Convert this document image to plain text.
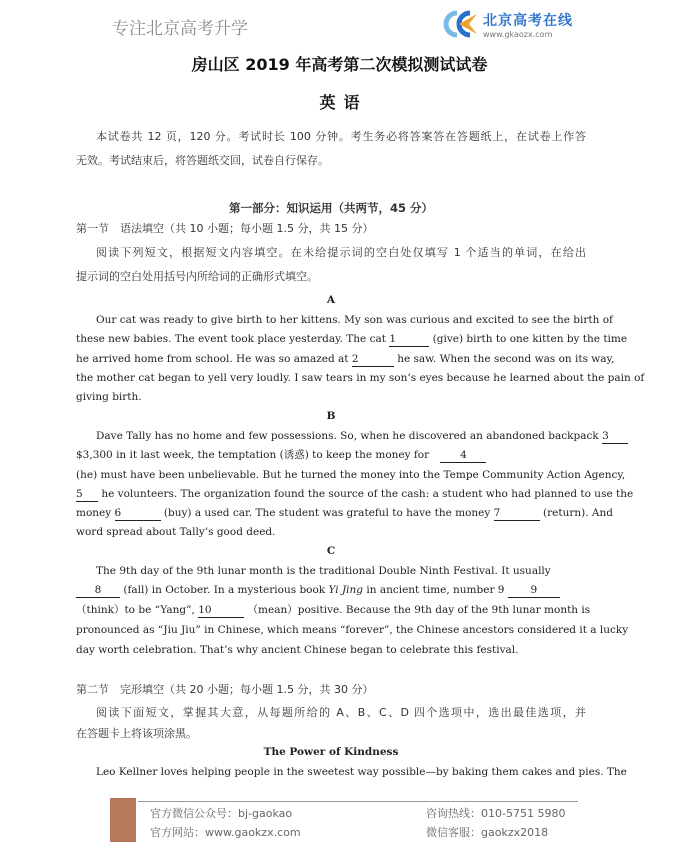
专注北京高考升学	北京高考在线
www.gkaozx.com
房山区 2019 年高考第二次模拟测试试卷
英语
本试卷共 12 页，120 分。考试时长 100 分钟。考生务必将答案答在答题纸上，在试卷上作答
无效。考试结束后，将答题纸交回，试卷自行保存。
第一部分：知识运用（共两节，45 分）
第一节　语法填空（共 10 小题；每小题 1.5 分，共 15 分）
阅读下列短文，根据短文内容填空。在未给提示词的空白处仅填写 1 个适当的单词，在给出
提示词的空白处用括号内所给词的正确形式填空。
A
Our cat was ready to give birth to her kittens. My son was curious and excited to see the birth of
these new babies. The event took place yesterday. The cat 1	(give) birth to one kitten by the time
he arrived home from school. He was so amazed at 2	he saw. When the second was on its way,
the mother cat began to yell very loudly. I saw tears in my son’s eyes because he learned about the pain of
giving birth.
B
Dave Tally has no home and few possessions. So, when he discovered an abandoned backpack 3
$3,300 in it last week, the temptation (诱惑) to keep the money for	4
(he) must have been unbelievable. But he turned the money into the Tempe Community Action Agency,
5 he volunteers. The organization found the source of the cash: a student who had planned to use the
money 6	(buy) a used car. The student was grateful to have the money 7	(return). And
word spread about Tally’s good deed.
C
The 9th day of the 9th lunar month is the traditional Double Ninth Festival. It usually
8 (fall) in October. In a mysterious book Yi Jing in ancient time, number 9 9
（think）to be “Yang”, 10	（mean）positive. Because the 9th day of the 9th lunar month is
pronounced as “Jiu Jiu” in Chinese, which means “forever”, the Chinese ancestors considered it a lucky
day worth celebration. That’s why ancient Chinese began to celebrate this festival.
第二节　完形填空（共 20 小题；每小题 1.5 分，共 30 分）
阅读下面短文，掌握其大意，从每题所给的 A、B、C、D 四个选项中，选出最佳选项，并
在答题卡上将该项涂黑。
The Power of Kindness
Leo Kellner loves helping people in the sweetest way possible—by baking them cakes and pies. The
官方微信公众号：bj-gaokao	咨询热线：010-5751 5980
官方网站：www.gaokzx.com	微信客服：gaokzx2018
